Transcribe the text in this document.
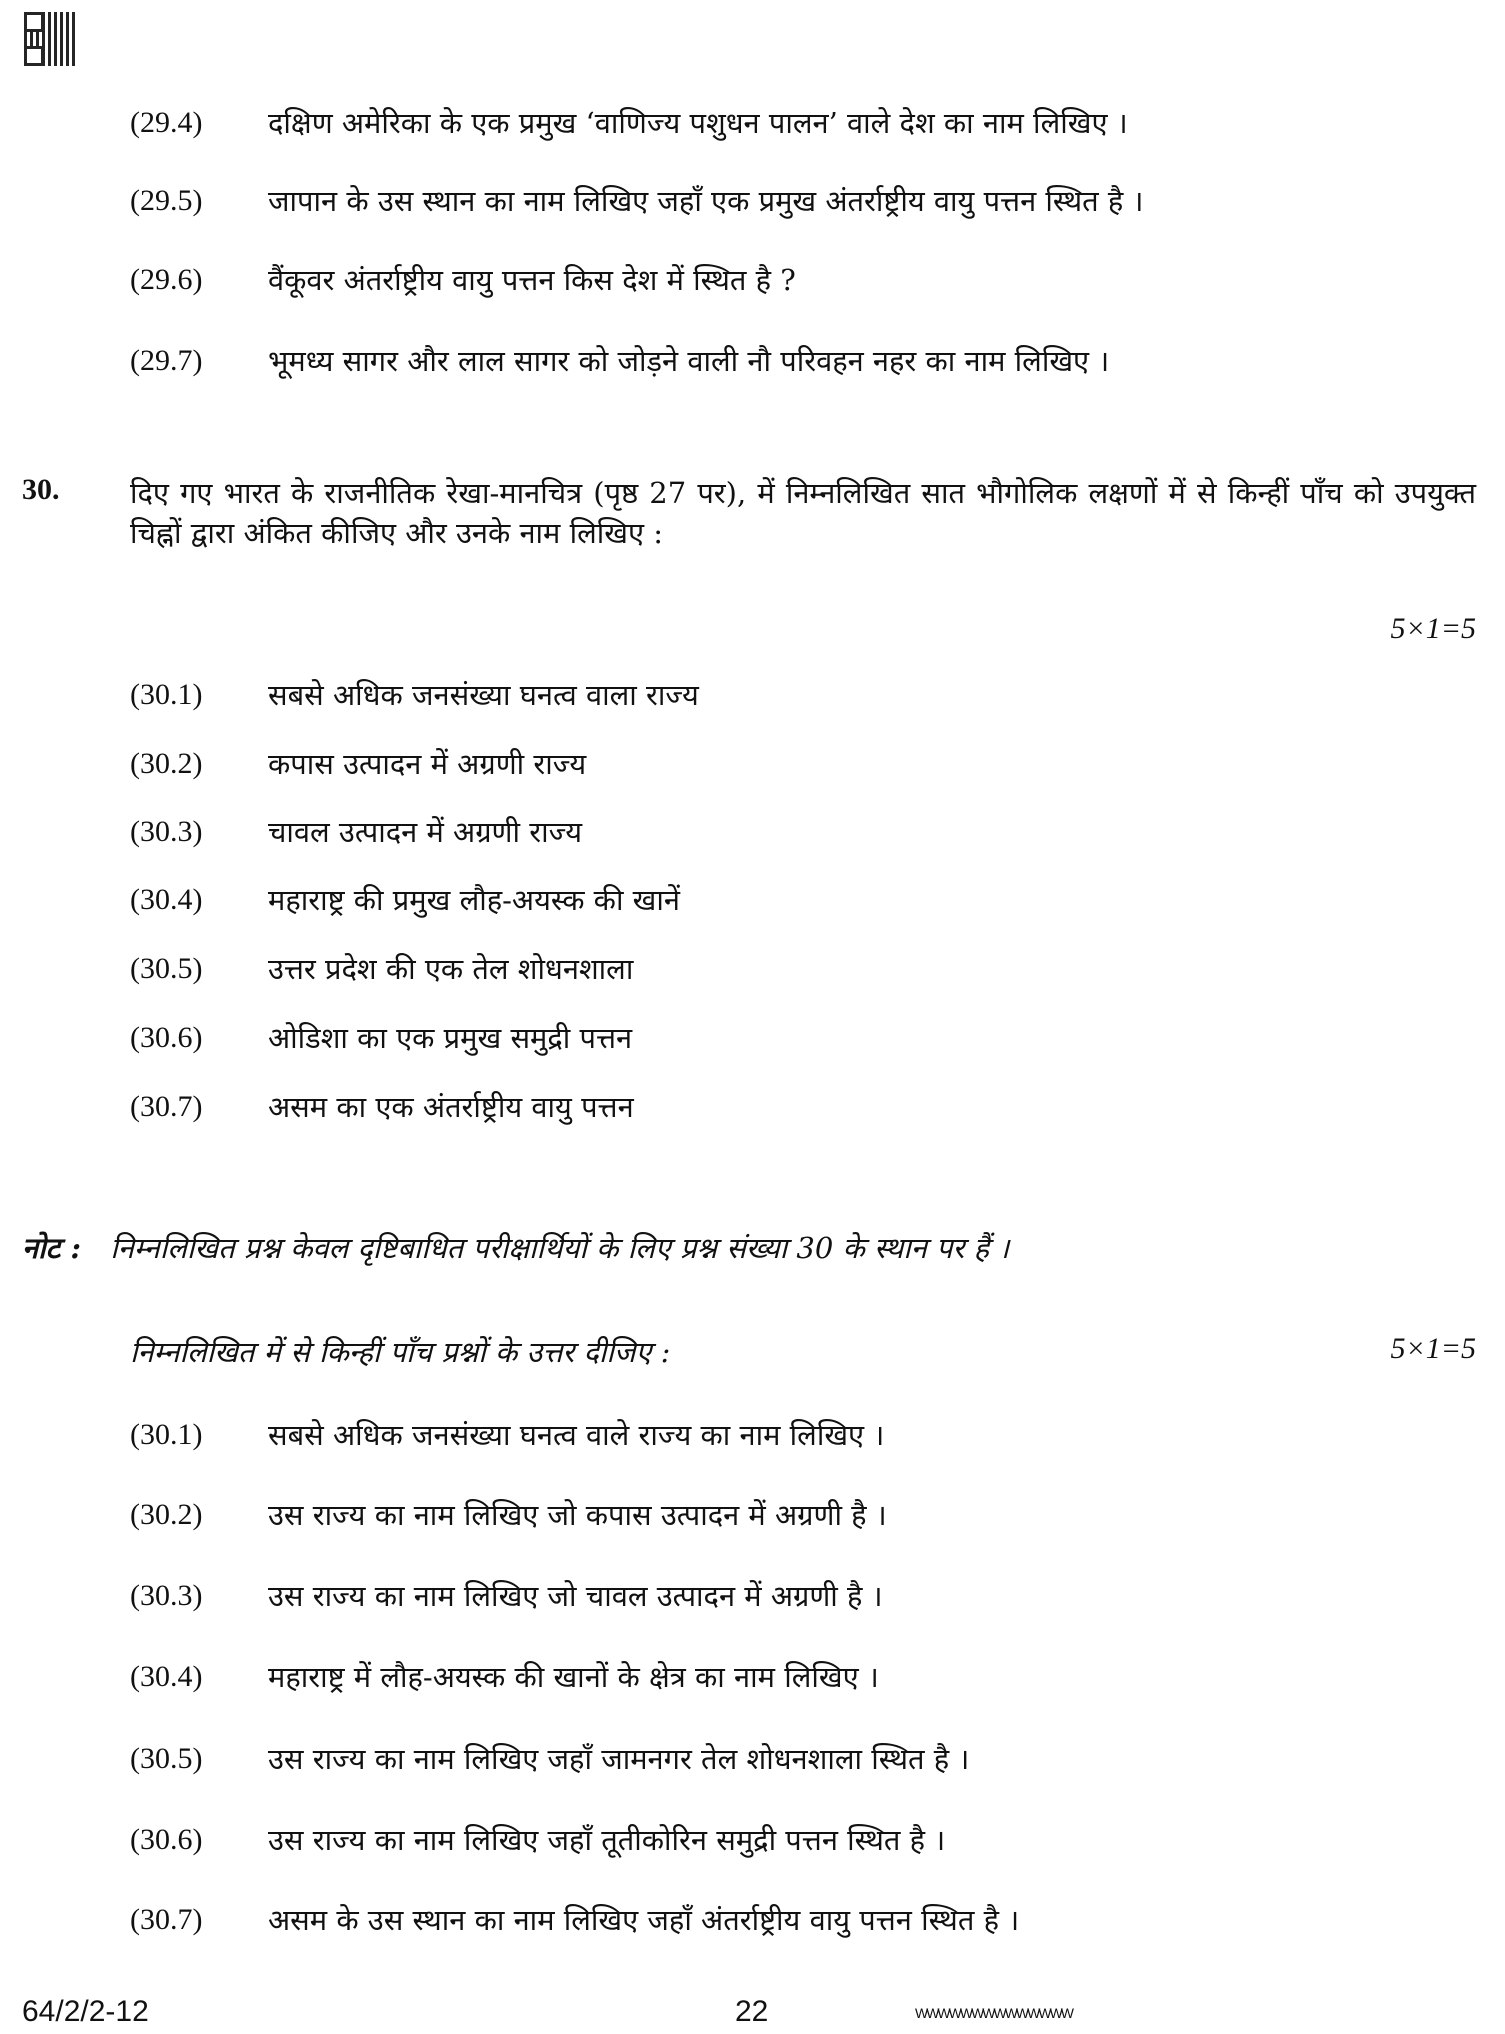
(29.4) दक्षिण अमेरिका के एक प्रमुख ‘वाणिज्य पशुधन पालन’ वाले देश का नाम लिखिए ।
(29.5) जापान के उस स्थान का नाम लिखिए जहाँ एक प्रमुख अंतर्राष्ट्रीय वायु पत्तन स्थित है ।
(29.6) वैंकूवर अंतर्राष्ट्रीय वायु पत्तन किस देश में स्थित है ?
(29.7) भूमध्य सागर और लाल सागर को जोड़ने वाली नौ परिवहन नहर का नाम लिखिए ।
30. दिए गए भारत के राजनीतिक रेखा-मानचित्र (पृष्ठ 27 पर), में निम्नलिखित सात भौगोलिक लक्षणों में से किन्हीं पाँच को उपयुक्त चिह्नों द्वारा अंकित कीजिए और उनके नाम लिखिए :
5×1=5
(30.1) सबसे अधिक जनसंख्या घनत्व वाला राज्य
(30.2) कपास उत्पादन में अग्रणी राज्य
(30.3) चावल उत्पादन में अग्रणी राज्य
(30.4) महाराष्ट्र की प्रमुख लौह-अयस्क की खानें
(30.5) उत्तर प्रदेश की एक तेल शोधनशाला
(30.6) ओडिशा का एक प्रमुख समुद्री पत्तन
(30.7) असम का एक अंतर्राष्ट्रीय वायु पत्तन
नोट : निम्नलिखित प्रश्न केवल दृष्टिबाधित परीक्षार्थियों के लिए प्रश्न संख्या 30 के स्थान पर हैं ।
निम्नलिखित में से किन्हीं पाँच प्रश्नों के उत्तर दीजिए :	5×1=5
(30.1) सबसे अधिक जनसंख्या घनत्व वाले राज्य का नाम लिखिए ।
(30.2) उस राज्य का नाम लिखिए जो कपास उत्पादन में अग्रणी है ।
(30.3) उस राज्य का नाम लिखिए जो चावल उत्पादन में अग्रणी है ।
(30.4) महाराष्ट्र में लौह-अयस्क की खानों के क्षेत्र का नाम लिखिए ।
(30.5) उस राज्य का नाम लिखिए जहाँ जामनगर तेल शोधनशाला स्थित है ।
(30.6) उस राज्य का नाम लिखिए जहाँ तूतीकोरिन समुद्री पत्तन स्थित है ।
(30.7) असम के उस स्थान का नाम लिखिए जहाँ अंतर्राष्ट्रीय वायु पत्तन स्थित है ।
64/2/2-12	22	WWWWWWWWWWWWWW
